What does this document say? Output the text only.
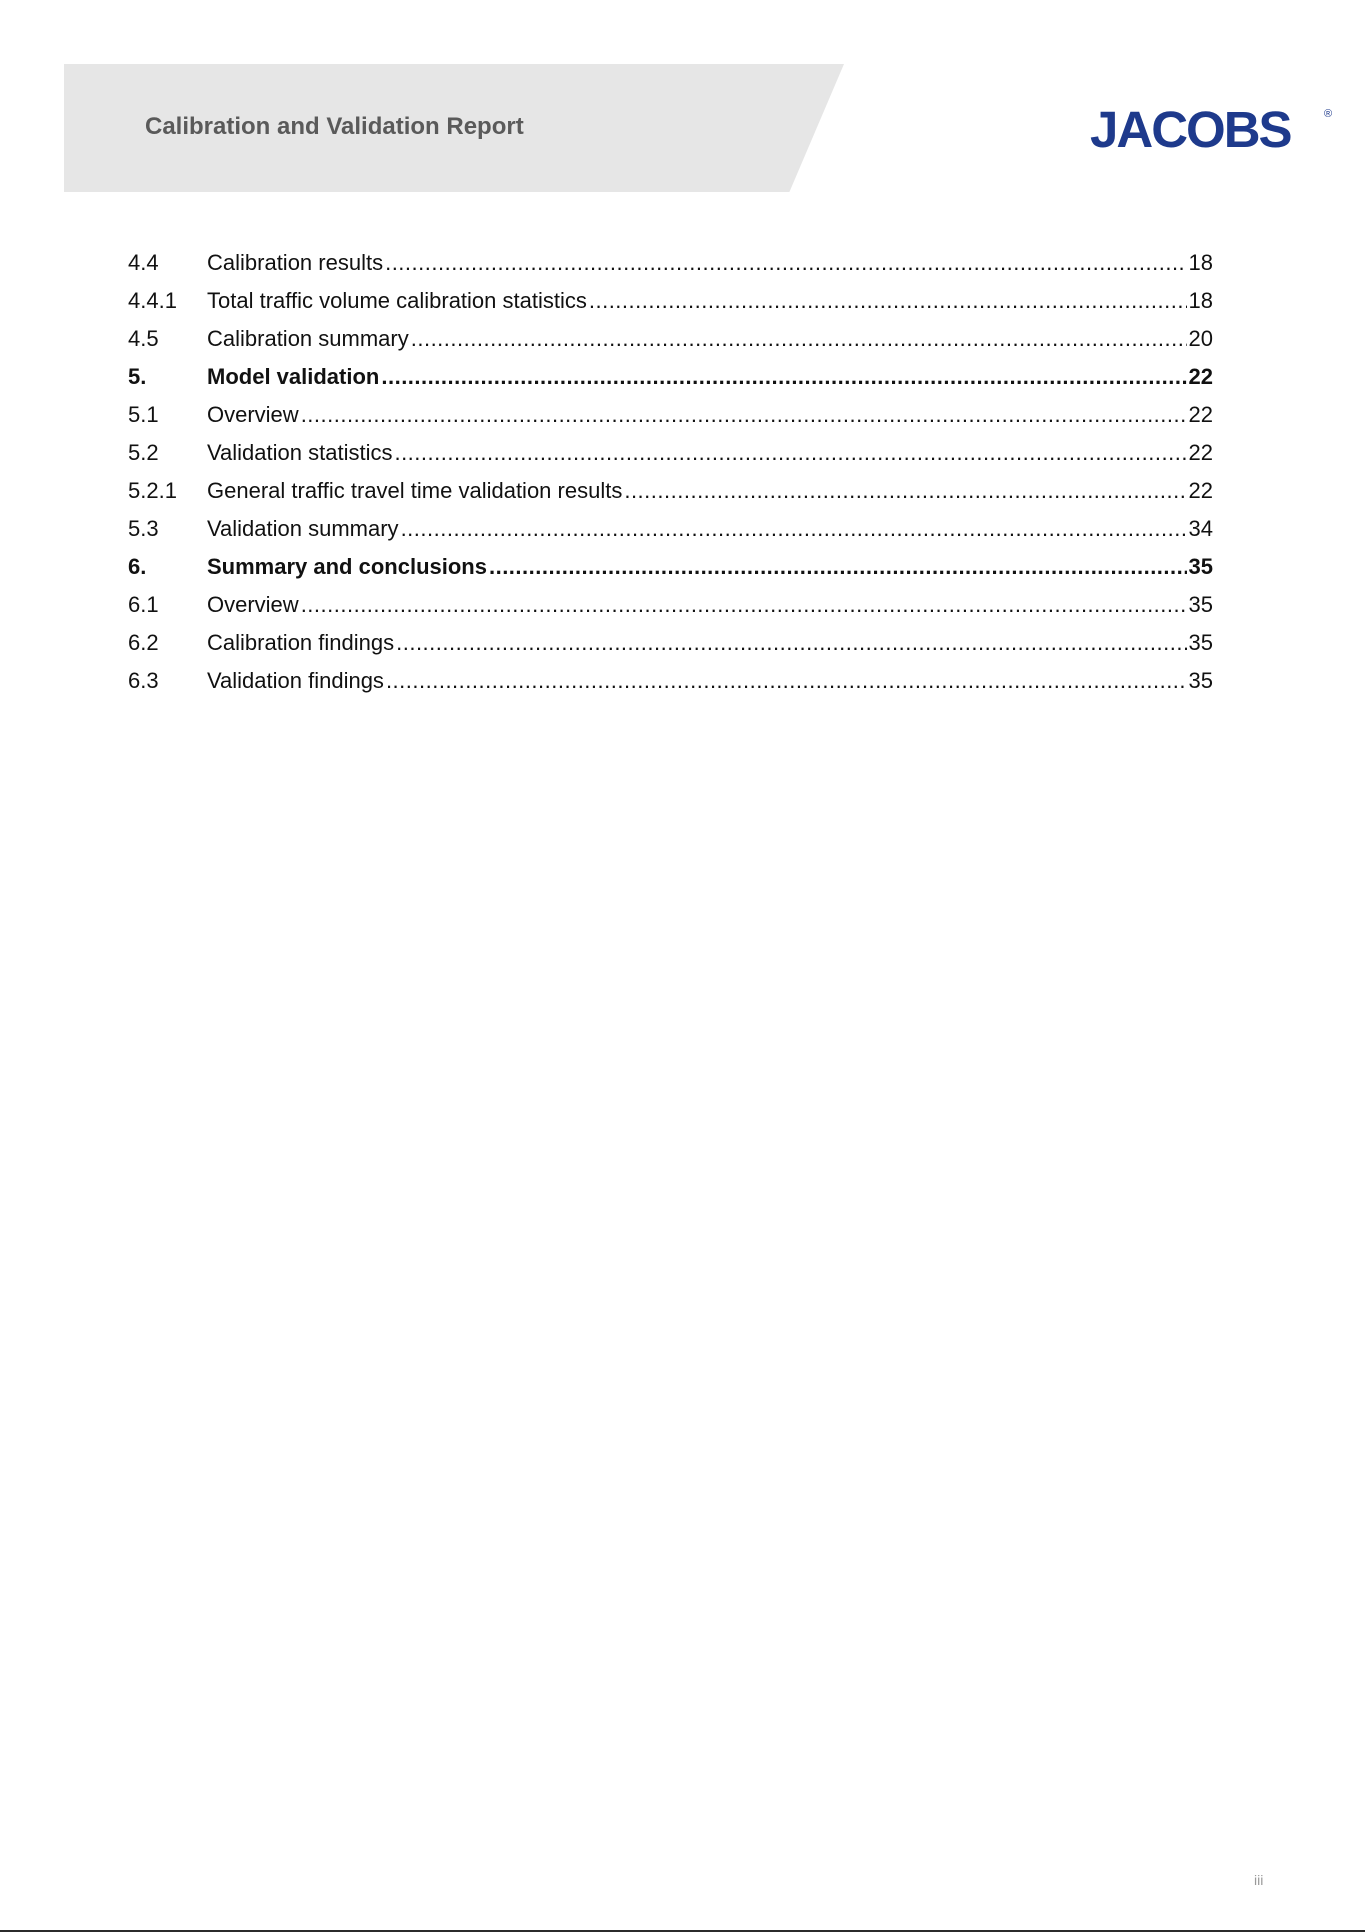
Calibration and Validation Report	JACOBS	®
4.4	Calibration results .....	18
4.4.1	Total traffic volume calibration statistics .....	18
4.5	Calibration summary .....	20
5.	Model validation .....	22
5.1	Overview .....	22
5.2	Validation statistics .....	22
5.2.1	General traffic travel time validation results .....	22
5.3	Validation summary .....	34
6.	Summary and conclusions .....	35
6.1	Overview .....	35
6.2	Calibration findings .....	35
6.3	Validation findings .....	35
iii
